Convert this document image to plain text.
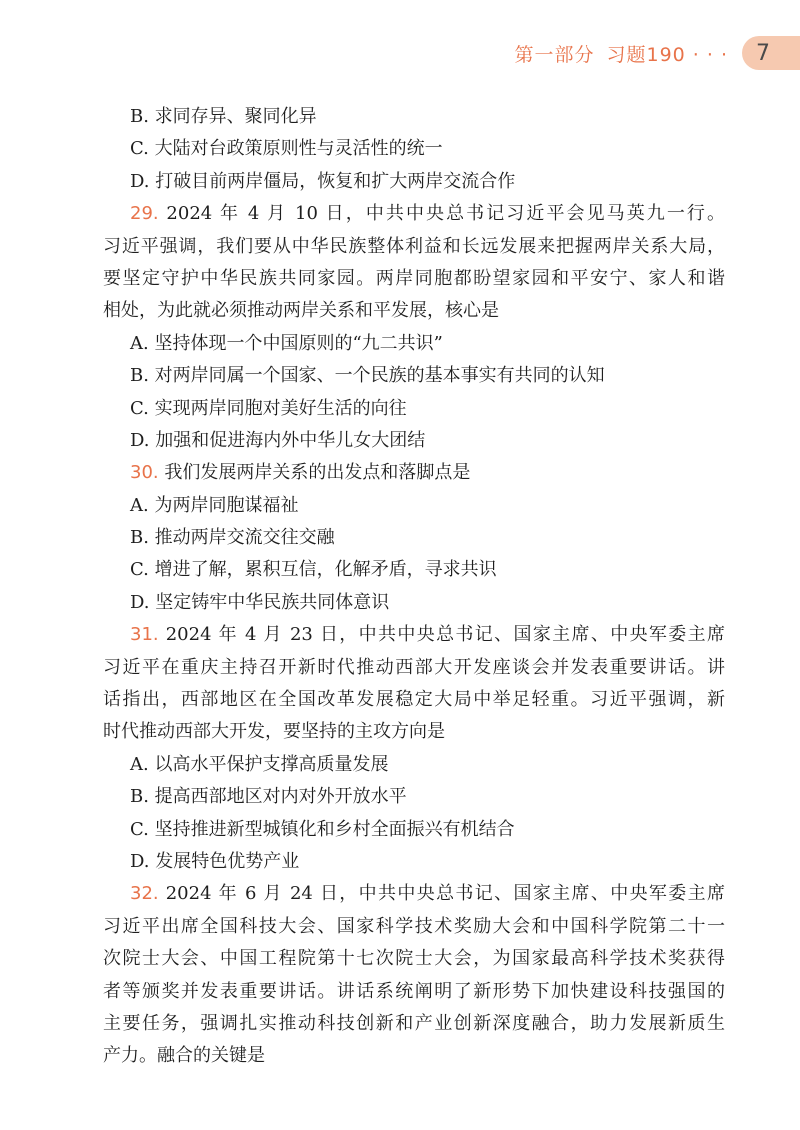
第一部分 习题190 · · · 7
B. 求同存异、聚同化异
C. 大陆对台政策原则性与灵活性的统一
D. 打破目前两岸僵局，恢复和扩大两岸交流合作
29. 2024 年 4 月 10 日，中共中央总书记习近平会见马英九一行。
习近平强调，我们要从中华民族整体利益和长远发展来把握两岸关系大局，
要坚定守护中华民族共同家园。两岸同胞都盼望家园和平安宁、家人和谐
相处，为此就必须推动两岸关系和平发展，核心是
A. 坚持体现一个中国原则的“九二共识”
B. 对两岸同属一个国家、一个民族的基本事实有共同的认知
C. 实现两岸同胞对美好生活的向往
D. 加强和促进海内外中华儿女大团结
30. 我们发展两岸关系的出发点和落脚点是
A. 为两岸同胞谋福祉
B. 推动两岸交流交往交融
C. 增进了解，累积互信，化解矛盾，寻求共识
D. 坚定铸牢中华民族共同体意识
31. 2024 年 4 月 23 日，中共中央总书记、国家主席、中央军委主席
习近平在重庆主持召开新时代推动西部大开发座谈会并发表重要讲话。讲
话指出，西部地区在全国改革发展稳定大局中举足轻重。习近平强调，新
时代推动西部大开发，要坚持的主攻方向是
A. 以高水平保护支撑高质量发展
B. 提高西部地区对内对外开放水平
C. 坚持推进新型城镇化和乡村全面振兴有机结合
D. 发展特色优势产业
32. 2024 年 6 月 24 日，中共中央总书记、国家主席、中央军委主席
习近平出席全国科技大会、国家科学技术奖励大会和中国科学院第二十一
次院士大会、中国工程院第十七次院士大会，为国家最高科学技术奖获得
者等颁奖并发表重要讲话。讲话系统阐明了新形势下加快建设科技强国的
主要任务，强调扎实推动科技创新和产业创新深度融合，助力发展新质生
产力。融合的关键是
